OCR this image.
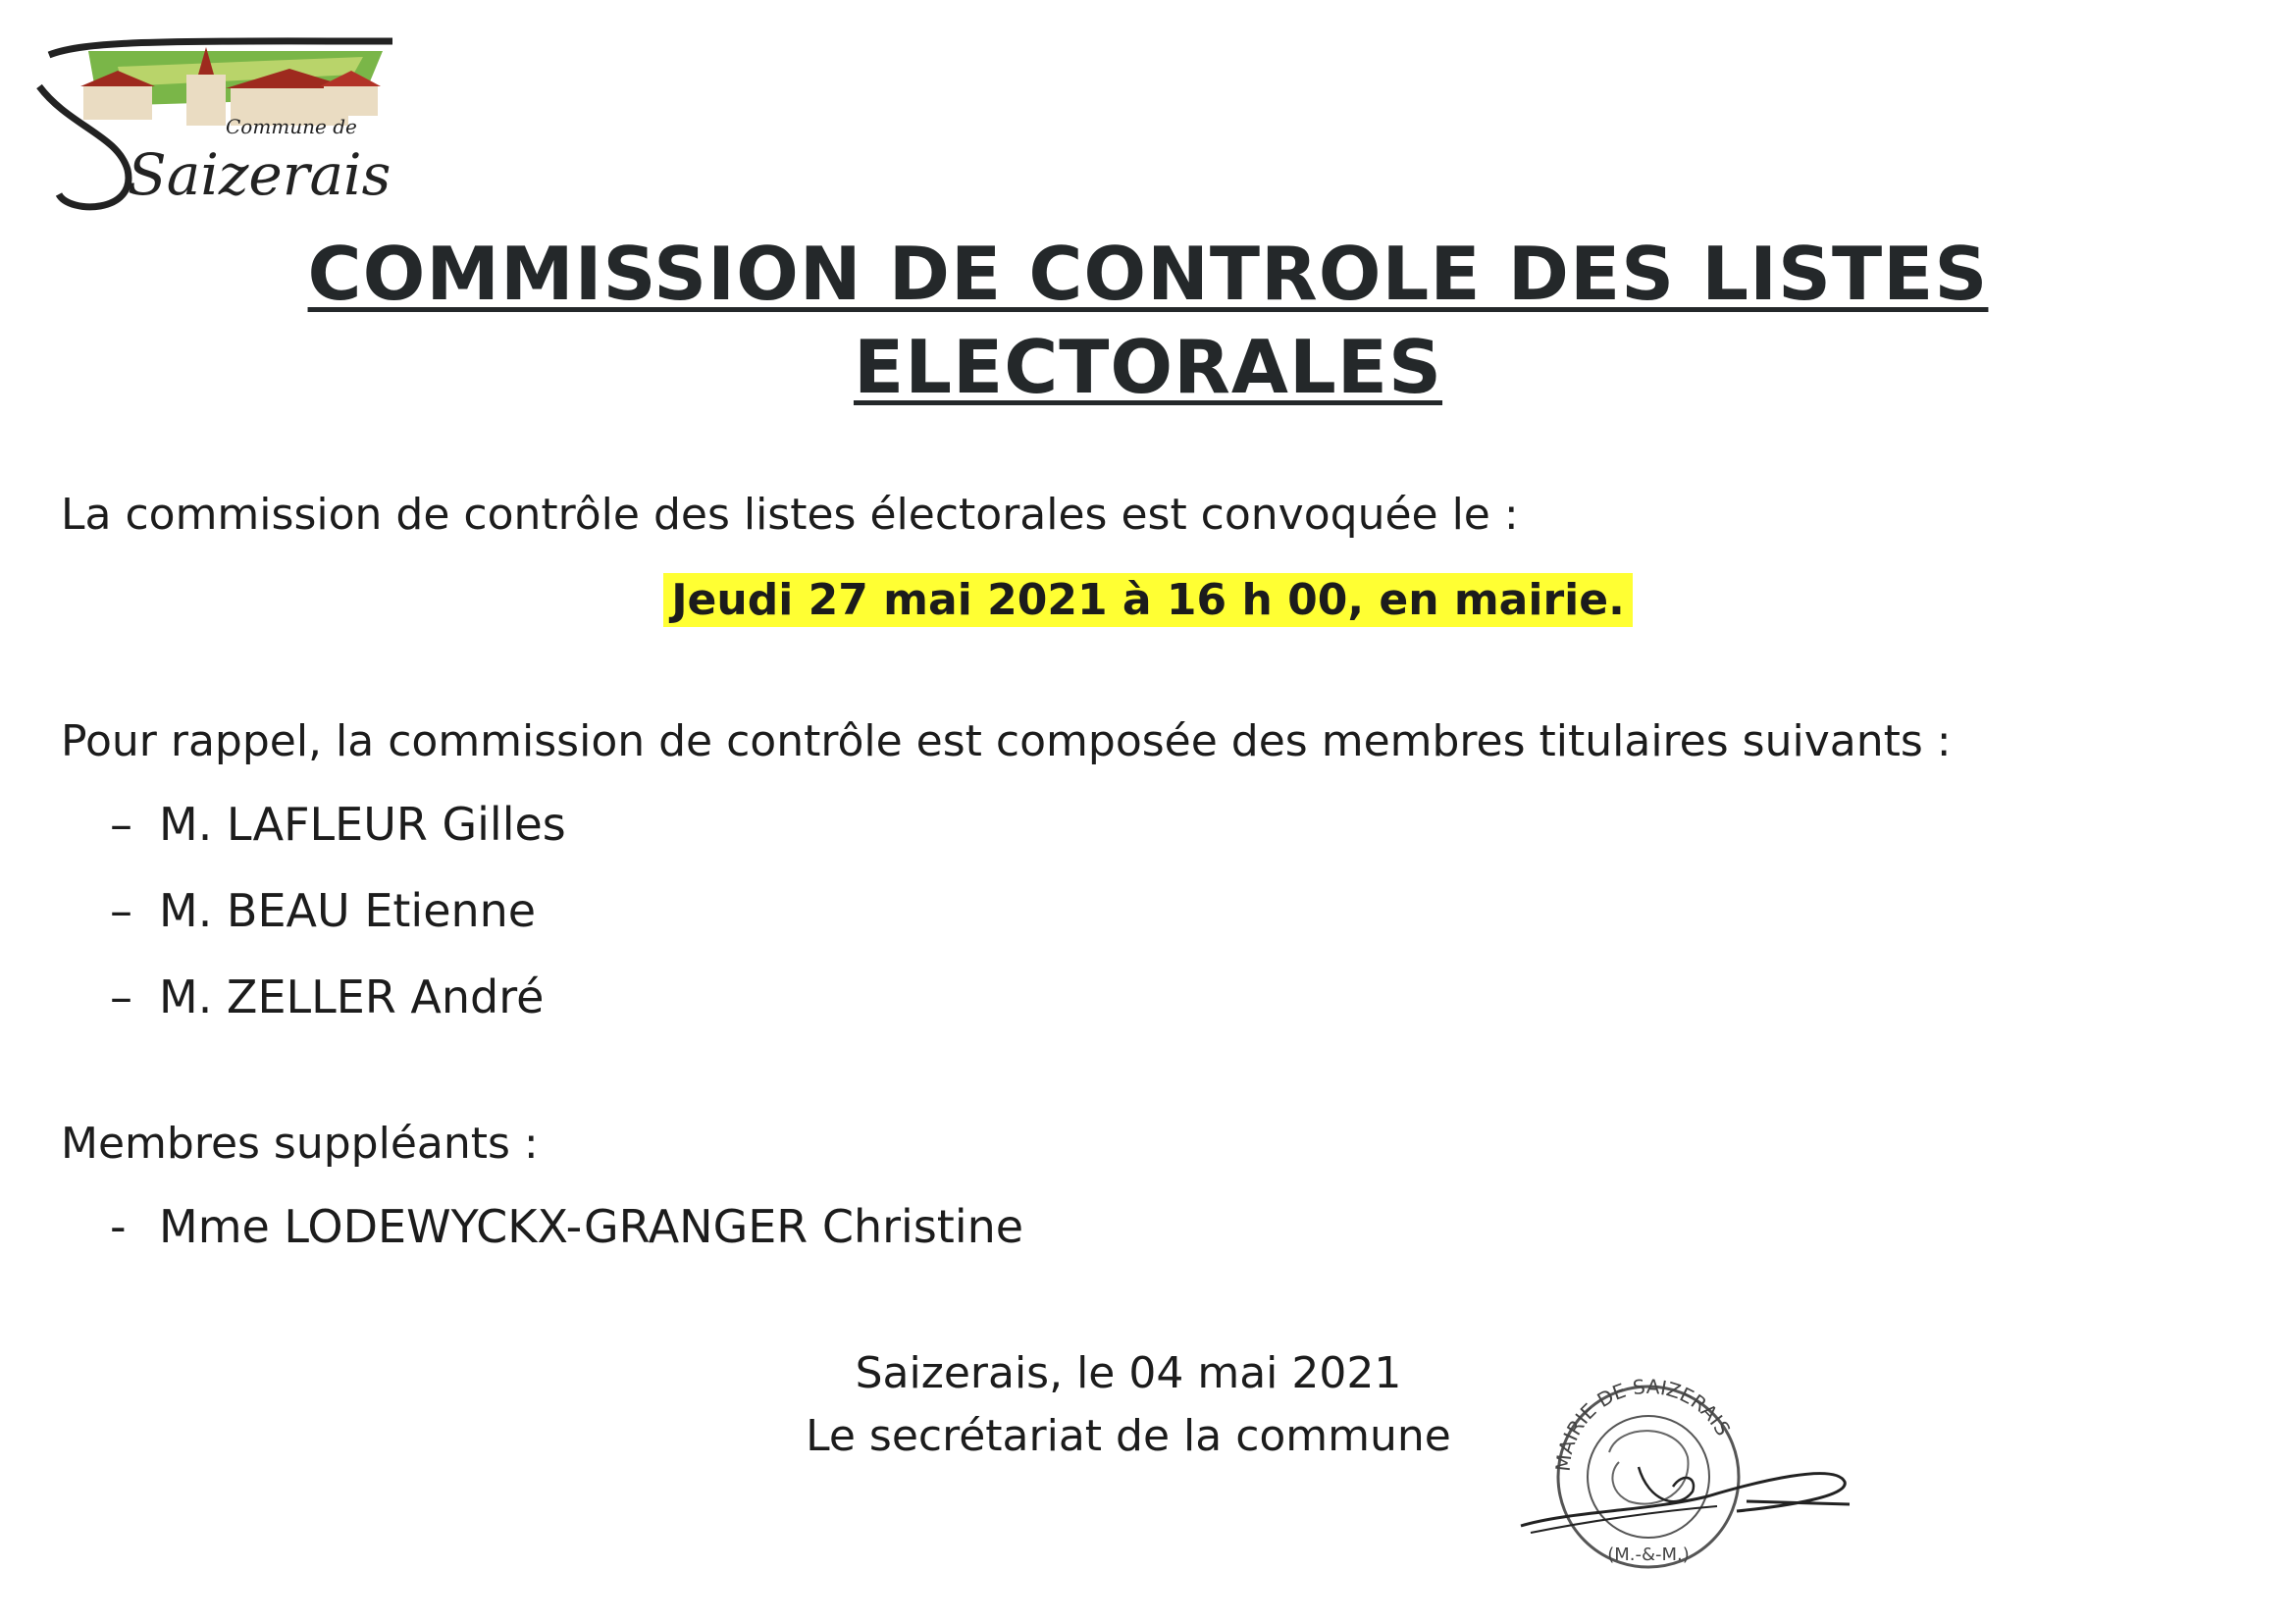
Commune de
Saizerais
COMMISSION DE CONTROLE DES LISTES
ELECTORALES
La commission de contrôle des listes électorales est convoquée le :
Jeudi 27 mai 2021 à 16 h 00, en mairie.
Pour rappel, la commission de contrôle est composée des membres titulaires suivants :
– M. LAFLEUR Gilles
– M. BEAU Etienne
– M. ZELLER André
Membres suppléants :
- Mme LODEWYCKX-GRANGER Christine
Saizerais, le 04 mai 2021
Le secrétariat de la commune
MAIRIE DE SAIZERAIS
(M.-&-M.)
